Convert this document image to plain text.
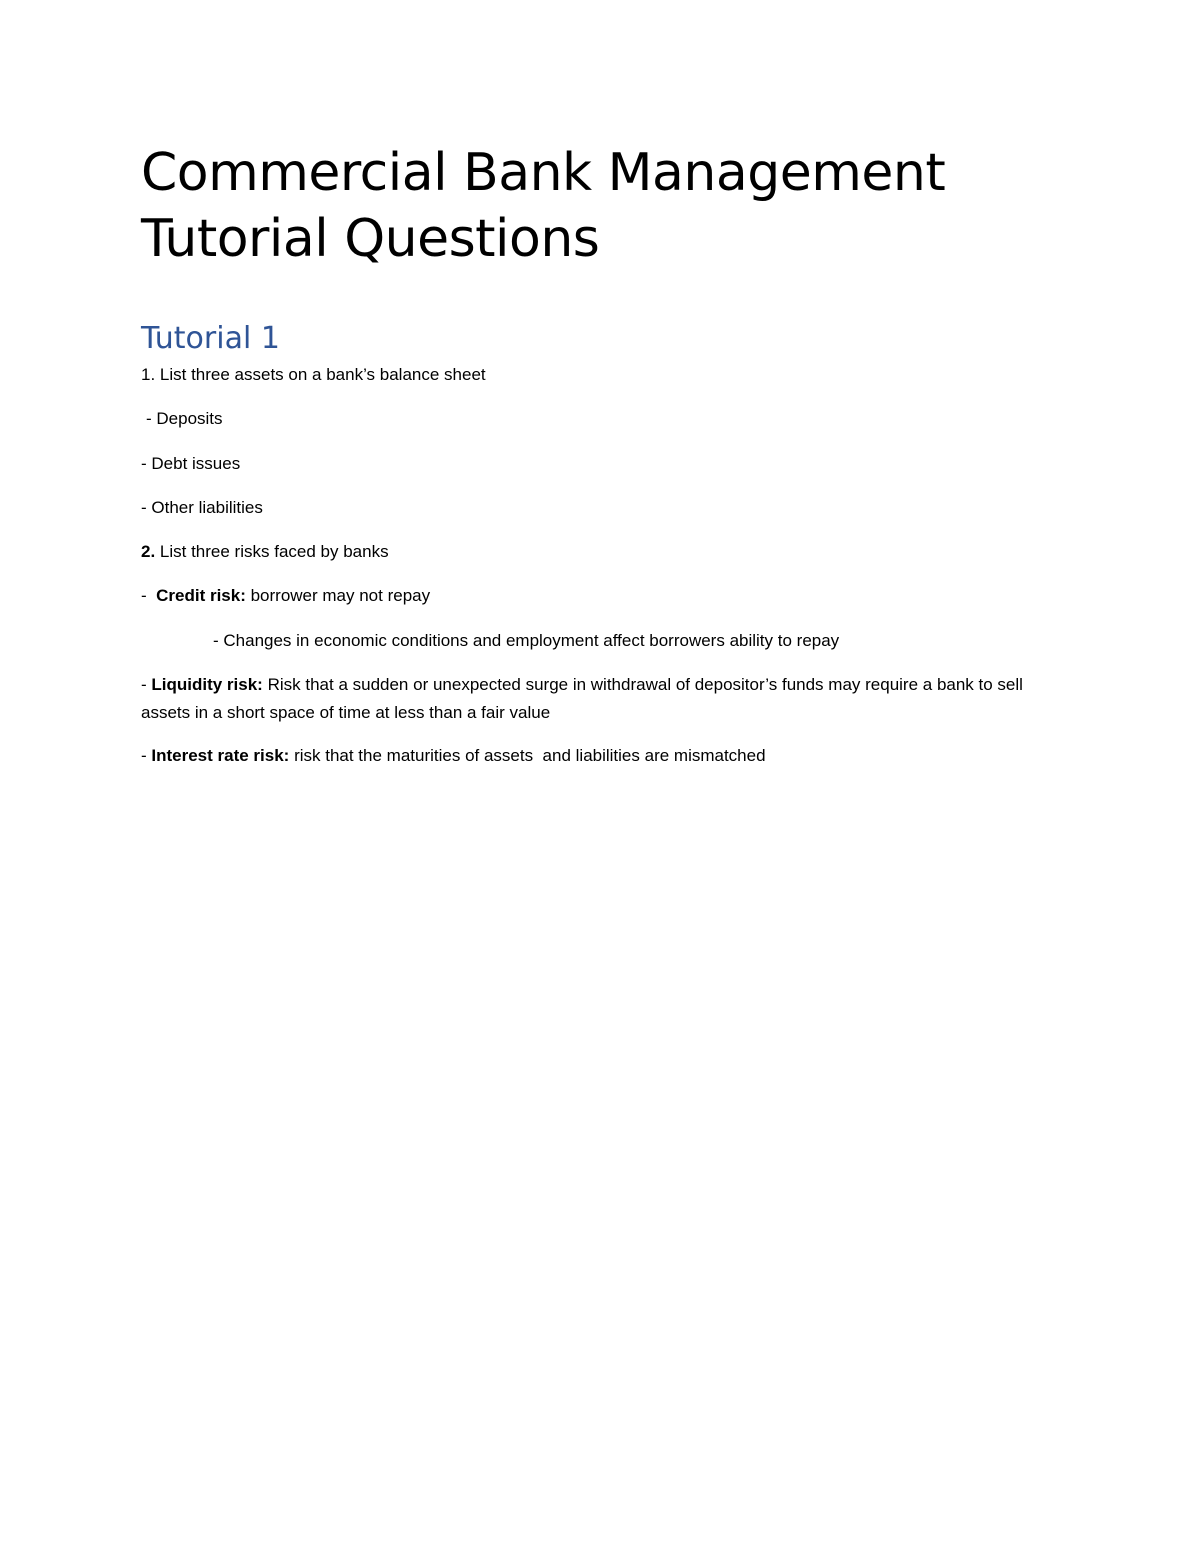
Commercial Bank Management
Tutorial Questions
Tutorial 1

1. List three assets on a bank’s balance sheet

- Deposits

- Debt issues

- Other liabilities

2. List three risks faced by banks

-  Credit risk: borrower may not repay

- Changes in economic conditions and employment affect borrowers ability to repay

- Liquidity risk: Risk that a sudden or unexpected surge in withdrawal of depositor’s funds may require a bank to sell assets in a short space of time at less than a fair value

- Interest rate risk: risk that the maturities of assets  and liabilities are mismatched
